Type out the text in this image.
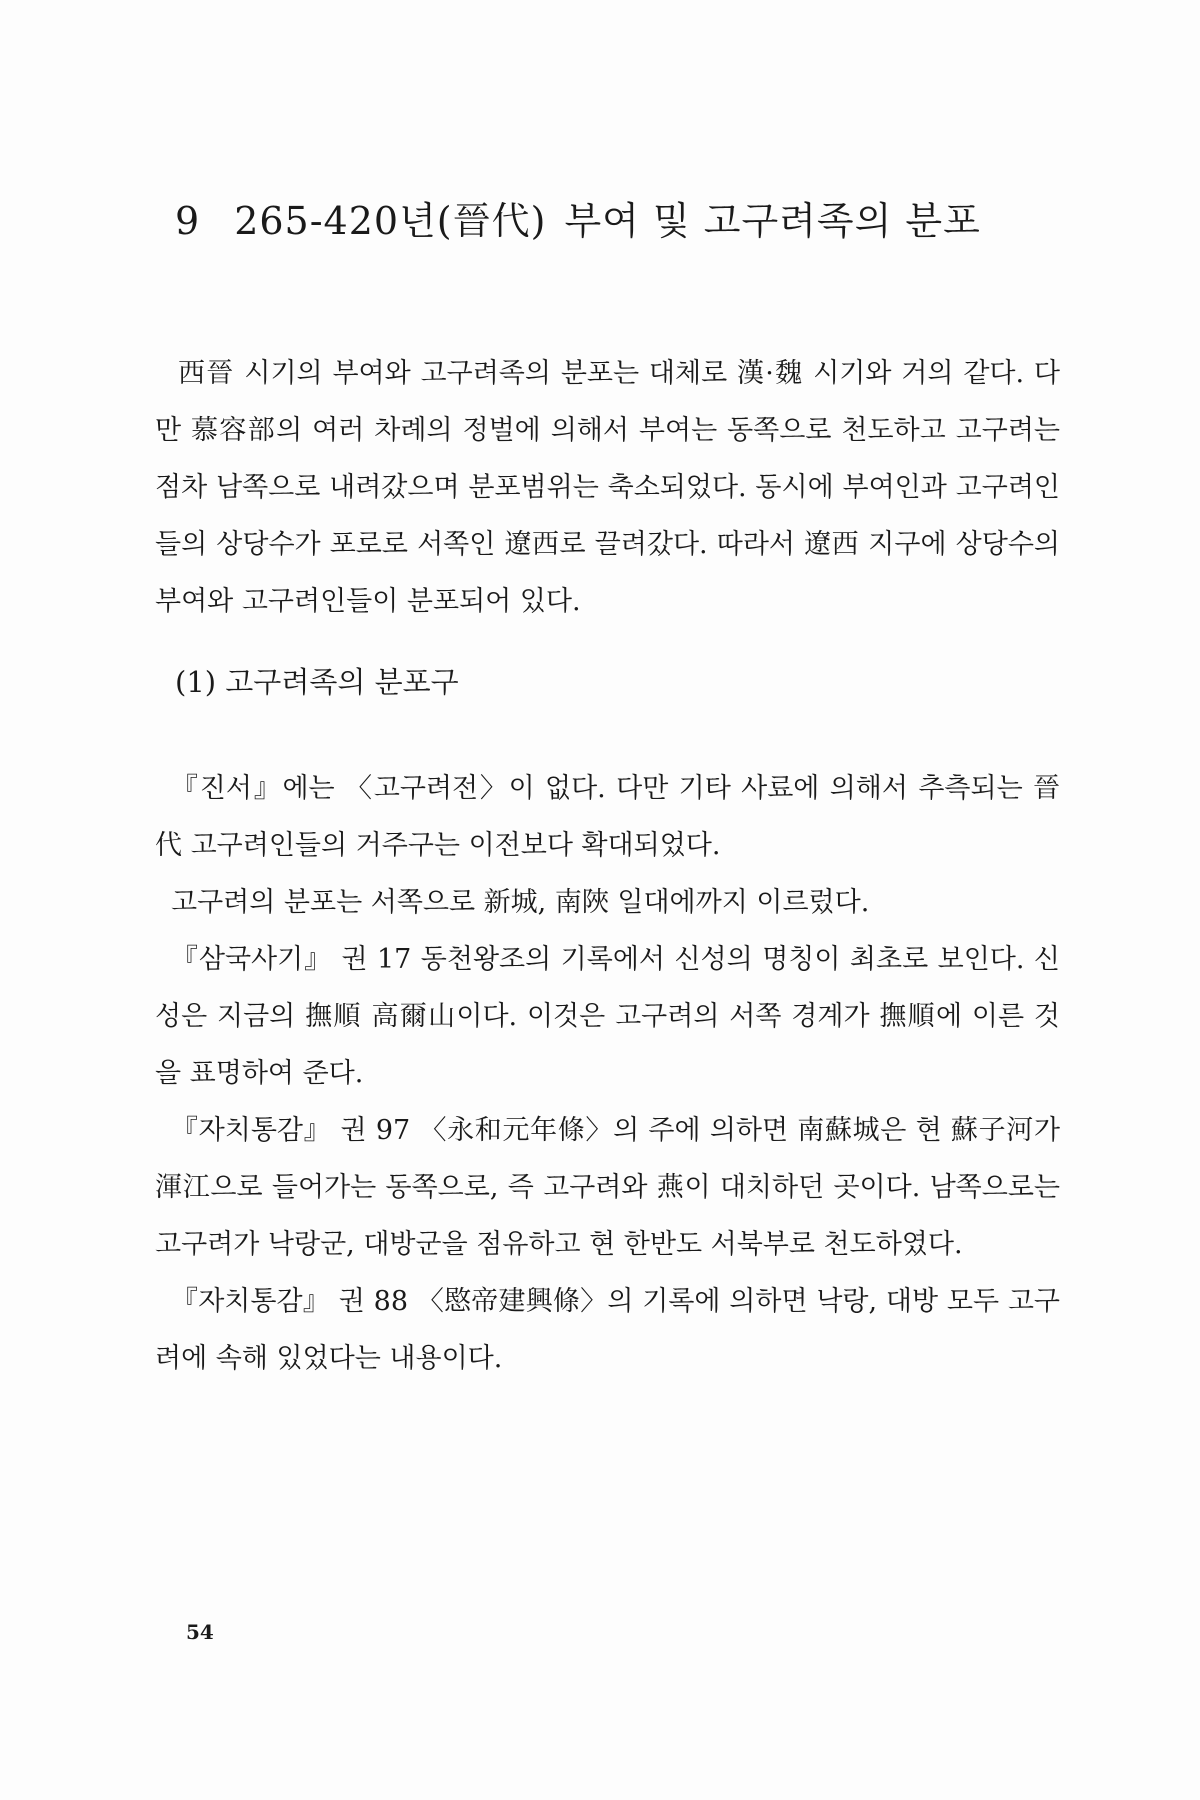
9 265-420년(晉代) 부여 및 고구려족의 분포
西晉 시기의 부여와 고구려족의 분포는 대체로 漢·魏 시기와 거의 같다. 다만 慕容部의 여러 차례의 정벌에 의해서 부여는 동쪽으로 천도하고 고구려는 점차 남쪽으로 내려갔으며 분포범위는 축소되었다. 동시에 부여인과 고구려인들의 상당수가 포로로 서쪽인 遼西로 끌려갔다. 따라서 遼西 지구에 상당수의 부여와 고구려인들이 분포되어 있다.
(1) 고구려족의 분포구

『진서』에는 〈고구려전〉이 없다. 다만 기타 사료에 의해서 추측되는 晉代 고구려인들의 거주구는 이전보다 확대되었다.

고구려의 분포는 서쪽으로 新城, 南陜 일대에까지 이르렀다.

『삼국사기』 권 17 동천왕조의 기록에서 신성의 명칭이 최초로 보인다. 신성은 지금의 撫順 高爾山이다. 이것은 고구려의 서쪽 경계가 撫順에 이른 것을 표명하여 준다.

『자치통감』 권 97 〈永和元年條〉의 주에 의하면 南蘇城은 현 蘇子河가 渾江으로 들어가는 동쪽으로, 즉 고구려와 燕이 대치하던 곳이다. 남쪽으로는 고구려가 낙랑군, 대방군을 점유하고 현 한반도 서북부로 천도하였다.

『자치통감』 권 88 〈愍帝建興條〉의 기록에 의하면 낙랑, 대방 모두 고구려에 속해 있었다는 내용이다.

54
